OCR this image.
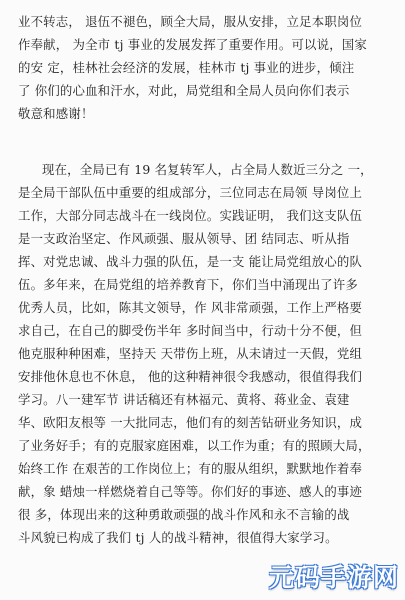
业不转志， 退伍不褪色，顾全大局，服从安排，立足本职岗位
作奉献， 为全市 tj 事业的发展发挥了重要作用。可以说，国家
的安 定，桂林社会经济的发展，桂林市 tj 事业的进步，倾注
了 你们的心血和汗水，对此，局党组和全局人员向你们表示
敬意和感谢！
现在，全局已有 19 名复转军人，占全局人数近三分之 一，
是全局干部队伍中重要的组成部分，三位同志在局领 导岗位上
工作，大部分同志战斗在一线岗位。实践证明， 我们这支队伍
是一支政治坚定、作风顽强、服从领导、团 结同志、听从指
挥、对党忠诚、战斗力强的队伍，是一支 能让局党组放心的队
伍。多年来，在局党组的培养教育下，你们当中涌现出了许多
优秀人员，比如，陈其文领导，作 风非常顽强，工作上严格要
求自己，在自己的脚受伤半年 多时间当中，行动十分不便，但
他克服种种困难，坚持天 天带伤上班，从未请过一天假，党组
安排他休息也不休息， 他的这种精神很令我感动，很值得我们
学习。八一建军节 讲话稿还有林福元、黄将、蒋业金、袁建
华、欧阳友根等 一大批同志，他们有的刻苦钻研业务知识，成
了业务好手；有的克服家庭困难，以工作为重；有的照顾大局，
始终工作 在艰苦的工作岗位上；有的服从组织，默默地作着奉
献，象 蜡烛一样燃烧着自己等等。你们好的事迹、感人的事迹
很 多，体现出来的这种勇敢顽强的战斗作风和永不言输的战
斗风貌已构成了我们 tj 人的战斗精神，很值得大家学习。
元码手游网
